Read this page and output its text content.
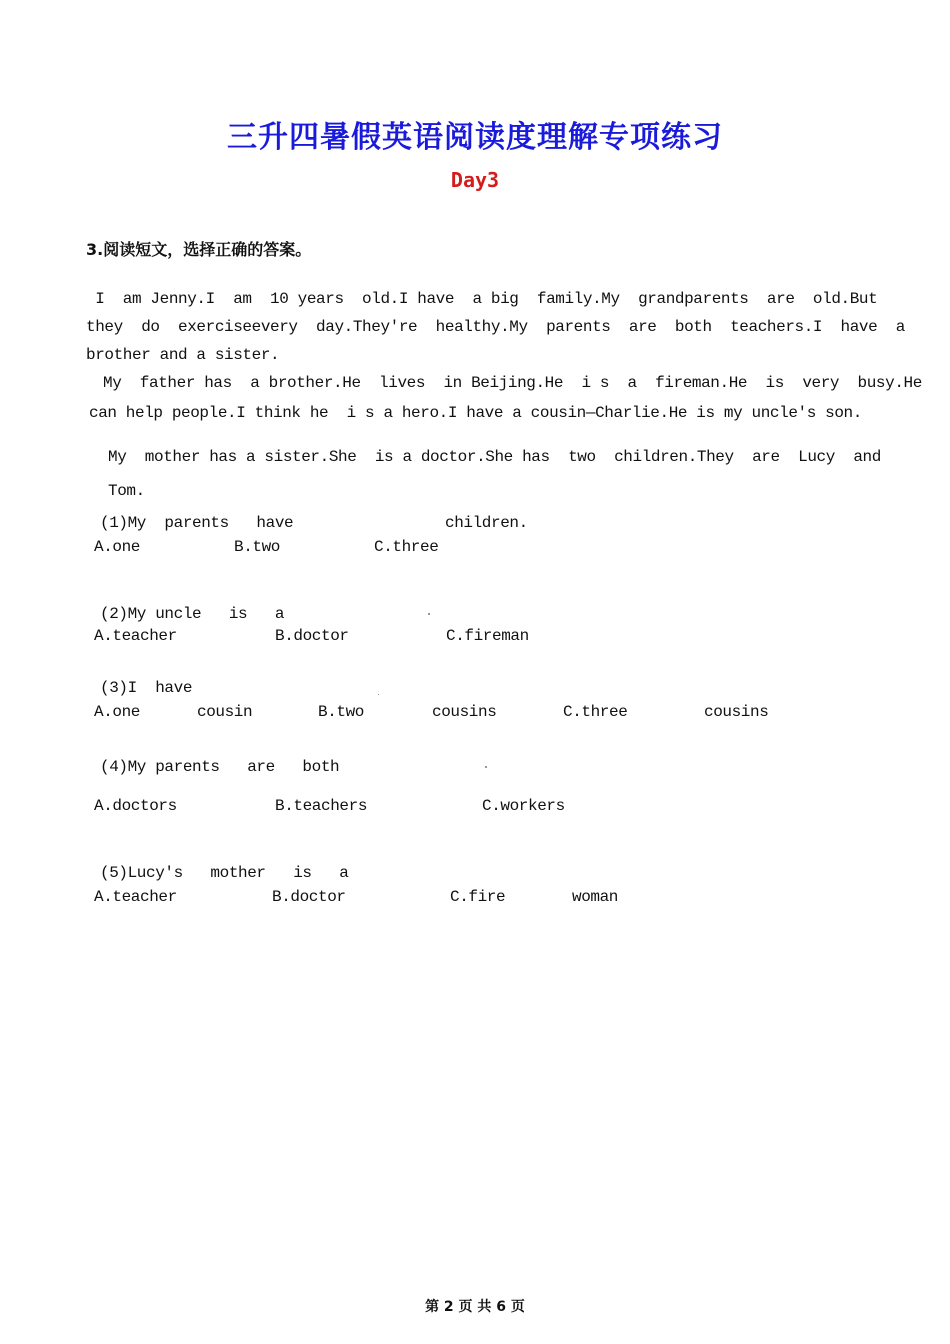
三升四暑假英语阅读度理解专项练习
Day3
3.阅读短文，选择正确的答案。
I  am Jenny.I  am  10 years  old.I have  a big  family.My  grandparents  are  old.But
they  do  exerciseevery  day.They're  healthy.My  parents  are  both  teachers.I  have  a
brother and a sister.
My  father has  a brother.He  lives  in Beijing.He  i s  a  fireman.He  is  very  busy.He
can help people.I think he  i s a hero.I have a cousin—Charlie.He is my uncle's son.
My  mother has a sister.She  is a doctor.She has  two  children.They  are  Lucy  and
Tom.
(1)My  parents   have	children.
A.one	B.two	C.three
(2)My uncle   is   a
A.teacher	B.doctor	C.fireman
(3)I  have
A.one	cousin	B.two	cousins	C.three	cousins
(4)My parents   are   both
A.doctors	B.teachers	C.workers
(5)Lucy's   mother   is   a
A.teacher	B.doctor	C.fire	woman
第 2 页 共 6 页
